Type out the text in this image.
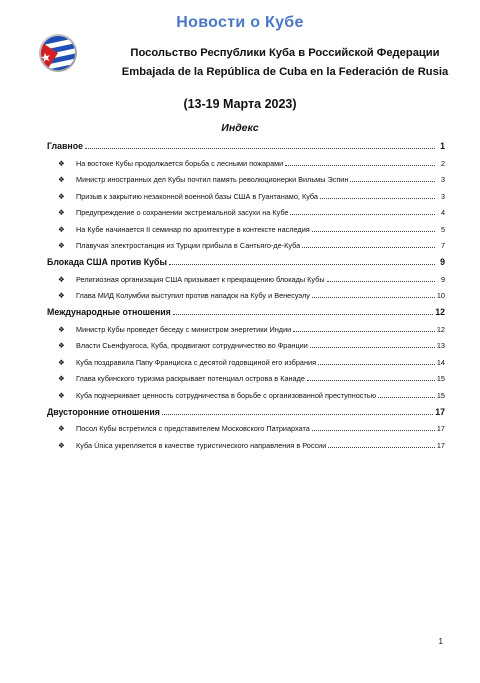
Новости о Кубе
Посольство Республики Куба в Российской Федерации
Embajada de la República de Cuba en la Federación de Rusia
(13-19 Марта 2023)
Индекс
Главное	1
❖	На востоке Кубы продолжается борьба с лесными пожарами	2
❖	Министр иностранных дел Кубы почтил память революционерки Вильмы Эспин	3
❖	Призыв к закрытию незаконной военной базы США в Гуантанамо, Куба	3
❖	Предупреждение о сохранении экстремальной засухи на Кубе	4
❖	На Кубе начинается II семинар по архитектуре в контексте наследия	5
❖	Плавучая электростанция из Турции прибыла в Сантьяго-де-Куба	7
Блокада США против Кубы	9
❖	Религиозная организация США призывает к прекращению блокады Кубы	9
❖	Глава МИД Колумбии выступил против нападок на Кубу и Венесуэлу	10
Международные отношения	12
❖	Министр Кубы проведет беседу с министром энергетики Индии	12
❖	Власти Сьенфуэгоса, Куба, продвигают сотрудничество во Франции	13
❖	Куба поздравила Папу Франциска с десятой годовщиной его избрания	14
❖	Глава кубинского туризма раскрывает потенциал острова в Канаде	15
❖	Куба подчеркивает ценность сотрудничества в борьбе с организованной преступностью	15
Двусторонние отношения	17
❖	Посол Кубы встретился с представителем Московского Патриархата	17
❖	Куба Única укрепляется в качестве туристического направления в России	17
1
